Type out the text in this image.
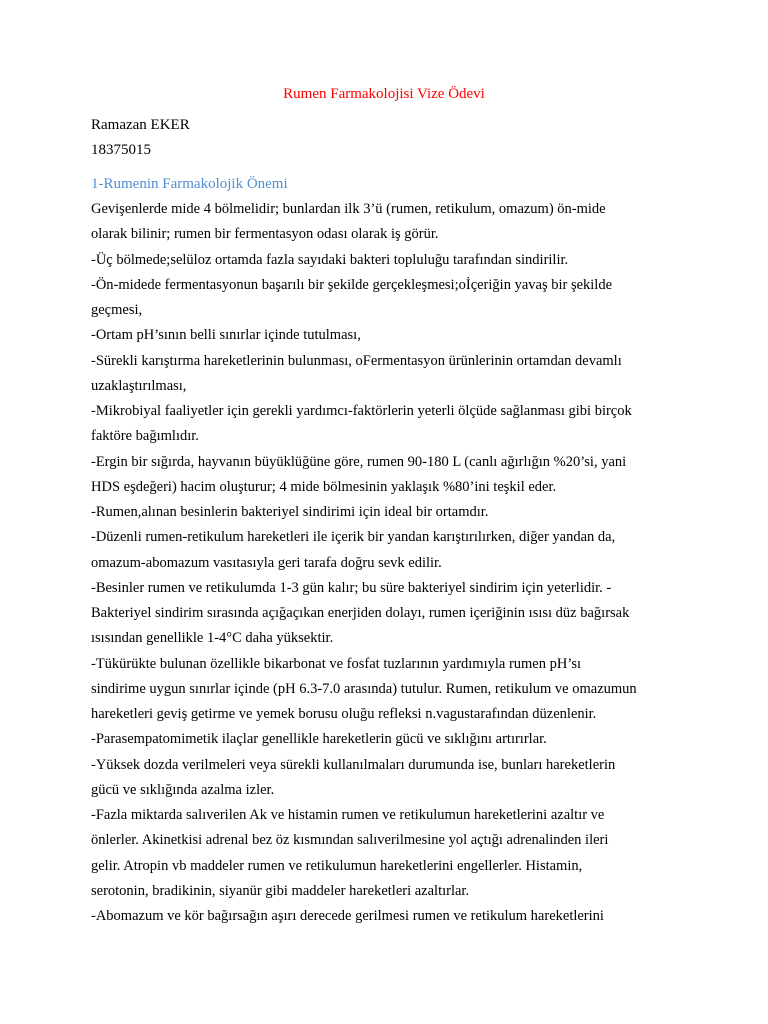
Rumen Farmakolojisi Vize Ödevi
Ramazan EKER
18375015
1-Rumenin Farmakolojik Önemi
Gevişenlerde mide 4 bölmelidir; bunlardan ilk 3’ü (rumen, retikulum, omazum) ön-mide
olarak bilinir; rumen bir fermentasyon odası olarak iş görür.
-Üç bölmede;selüloz ortamda fazla sayıdaki bakteri topluluğu tarafından sindirilir.
-Ön-midede fermentasyonun başarılı bir şekilde gerçekleşmesi;oİçeriğin yavaş bir şekilde
geçmesi,
-Ortam pH’sının belli sınırlar içinde tutulması,
-Sürekli karıştırma hareketlerinin bulunması, oFermentasyon ürünlerinin ortamdan devamlı
uzaklaştırılması,
-Mikrobiyal faaliyetler için gerekli yardımcı-faktörlerin yeterli ölçüde sağlanması gibi birçok
faktöre bağımlıdır.
-Ergin bir sığırda, hayvanın büyüklüğüne göre, rumen 90-180 L (canlı ağırlığın %20’si, yani
HDS eşdeğeri) hacim oluşturur; 4 mide bölmesinin yaklaşık %80’ini teşkil eder.
-Rumen,alınan besinlerin bakteriyel sindirimi için ideal bir ortamdır.
-Düzenli rumen-retikulum hareketleri ile içerik bir yandan karıştırılırken, diğer yandan da,
omazum-abomazum vasıtasıyla geri tarafa doğru sevk edilir.
-Besinler rumen ve retikulumda 1-3 gün kalır; bu süre bakteriyel sindirim için yeterlidir. -
Bakteriyel sindirim sırasında açığaçıkan enerjiden dolayı, rumen içeriğinin ısısı düz bağırsak
ısısından genellikle 1-4°C daha yüksektir.
-Tükürükte bulunan özellikle bikarbonat ve fosfat tuzlarının yardımıyla rumen pH’sı
sindirime uygun sınırlar içinde (pH 6.3-7.0 arasında) tutulur. Rumen, retikulum ve omazumun
hareketleri geviş getirme ve yemek borusu oluğu refleksi n.vagustarafından düzenlenir.
-Parasempatomimetik ilaçlar genellikle hareketlerin gücü ve sıklığını artırırlar.
-Yüksek dozda verilmeleri veya sürekli kullanılmaları durumunda ise, bunları hareketlerin
gücü ve sıklığında azalma izler.
-Fazla miktarda salıverilen Ak ve histamin rumen ve retikulumun hareketlerini azaltır ve
önlerler. Akinetkisi adrenal bez öz kısmından salıverilmesine yol açtığı adrenalinden ileri
gelir. Atropin vb maddeler rumen ve retikulumun hareketlerini engellerler. Histamin,
serotonin, bradikinin, siyanür gibi maddeler hareketleri azaltırlar.
-Abomazum ve kör bağırsağın aşırı derecede gerilmesi rumen ve retikulum hareketlerini
